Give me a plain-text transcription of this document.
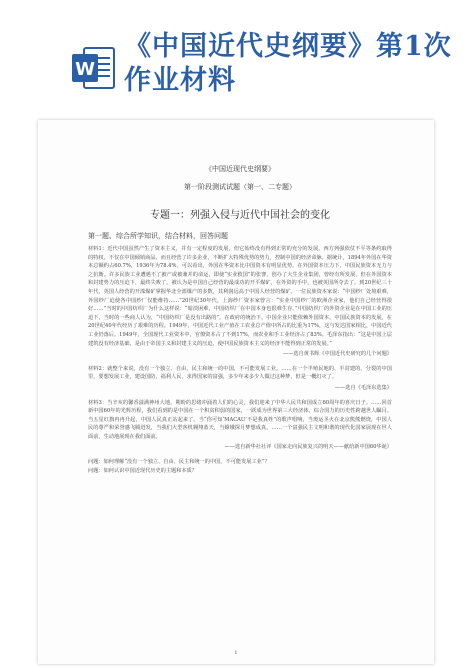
W
《中国近代史纲要》第1次作业材料
《中国近现代史纲要》
第一阶段测试试题（第一、二专题）
专题一：列强入侵与近代中国社会的变化
第一题、综合所学知识，结合材料，回答问题
材料1：近代中国虽然产生了资本主义，并有一定程度的发展，但它始终没有得到正常的充分的发展。西方列强依仗不平等条约取得的特权，不仅在中国倾销商品，而且经营了许多企业，不断扩大特殊优势的势力，控制中国的经济命脉。据统计，1894年外国在华资本总额约占60.7%，1936年为78.4%，可以看出，外国在华资本比中国资本有明显优势。在外国资本压力下，中国民族资本无力与之抗衡。许多民族工业遭遇不了被产或被兼并的命运，即使“实业救国”的张謇，创办了大生企业集团，曾经有所发展，但在外国资本和封建势力的压迫下，最终失败了。被认为是中国自己经营的最成功的开平煤矿，在外资的手中，也被英国所夺去了。到20世纪三十年代，英国人经营的开滦煤矿掌握华北全部煤产的多数，其利润远高于中国人经营的煤矿。一位民族资本家说：“中国纱厂处境艰难，外国纱厂迫使各中国纱厂仅能维持……”20世纪30年代，上海纱厂资本家曾言：“实业中国纱厂的欧洲企业家，他们自己经营得很好……”当时的中国纺织厂为什么这样说：“暗淡困难，中国纺织厂在中国本身也很难生存。”中国纺织厂的外资企业是在中国工业的压迫下，当时的一些商人认为，“中国纺织厂是没有出路的”。在政府的统治下，中国企业只能依赖外国资本。中国民族资本的发展，在20世纪40年代经历了艰难的历程。1949年，中国近代工业产值在工农业总产值中所占的比重为17%，这与发达国家相比，中国近代工业仍落后。1949年，全国现代工业资本中，官僚资本占了不到17%，而农业和手工业经济占了83%。毛泽东指出：“这是中国上层建筑没有经济基础，是由于帝国主义和封建主义的压迫，使中国民族资本主义的经济不能得到正常的发展。”
——选自黄书辉《中国近代史研究的几个问题》
材料2：就整个来说，没有一个独立、自由、民主和统一的中国，不可能发展工业。……在一个半殖民地的、半封建的、分裂的中国里，要想发展工业，建设国防，福利人民，求得国家的富强，多少年来多少人做过这种梦，但是一概幻灭了。
——选自《毛泽东选集》
材料3：当辛亥的馨香溢满神州大地，期盼的思绪冲涌着人们的心灵，我们迎来了中华人民共和国成立60周年的喜庆日子。……回首新中国60年的光辉历程，我们看到的是中国在一个积贫积弱的国家，一跃成为世界第三大经济体，综合国力的历史性跨越世人瞩目。当五星红旗冉冉升起，中国人民真正站起来了。当“你可知‘MACAU’不是我真姓”的歌声唱响，当奥运圣火在北京熊熊燃烧，中国人民的尊严和荣誉感飞腾迸发，当我们大型客机翱翔蓝天，当嫦娥探月梦想成真，……一个富强民主文明和谐的现代化国家展现在世人面前，生动地展现在我们面前。
——选自新华社社评《国家走向民族复兴的明天——献给新中国60华诞》
问题：如何理解“没有一个独立、自由、民主和统一的中国，不可能发展工业”？
问题：如何认识中国近现代历史的主题和本质？
1
